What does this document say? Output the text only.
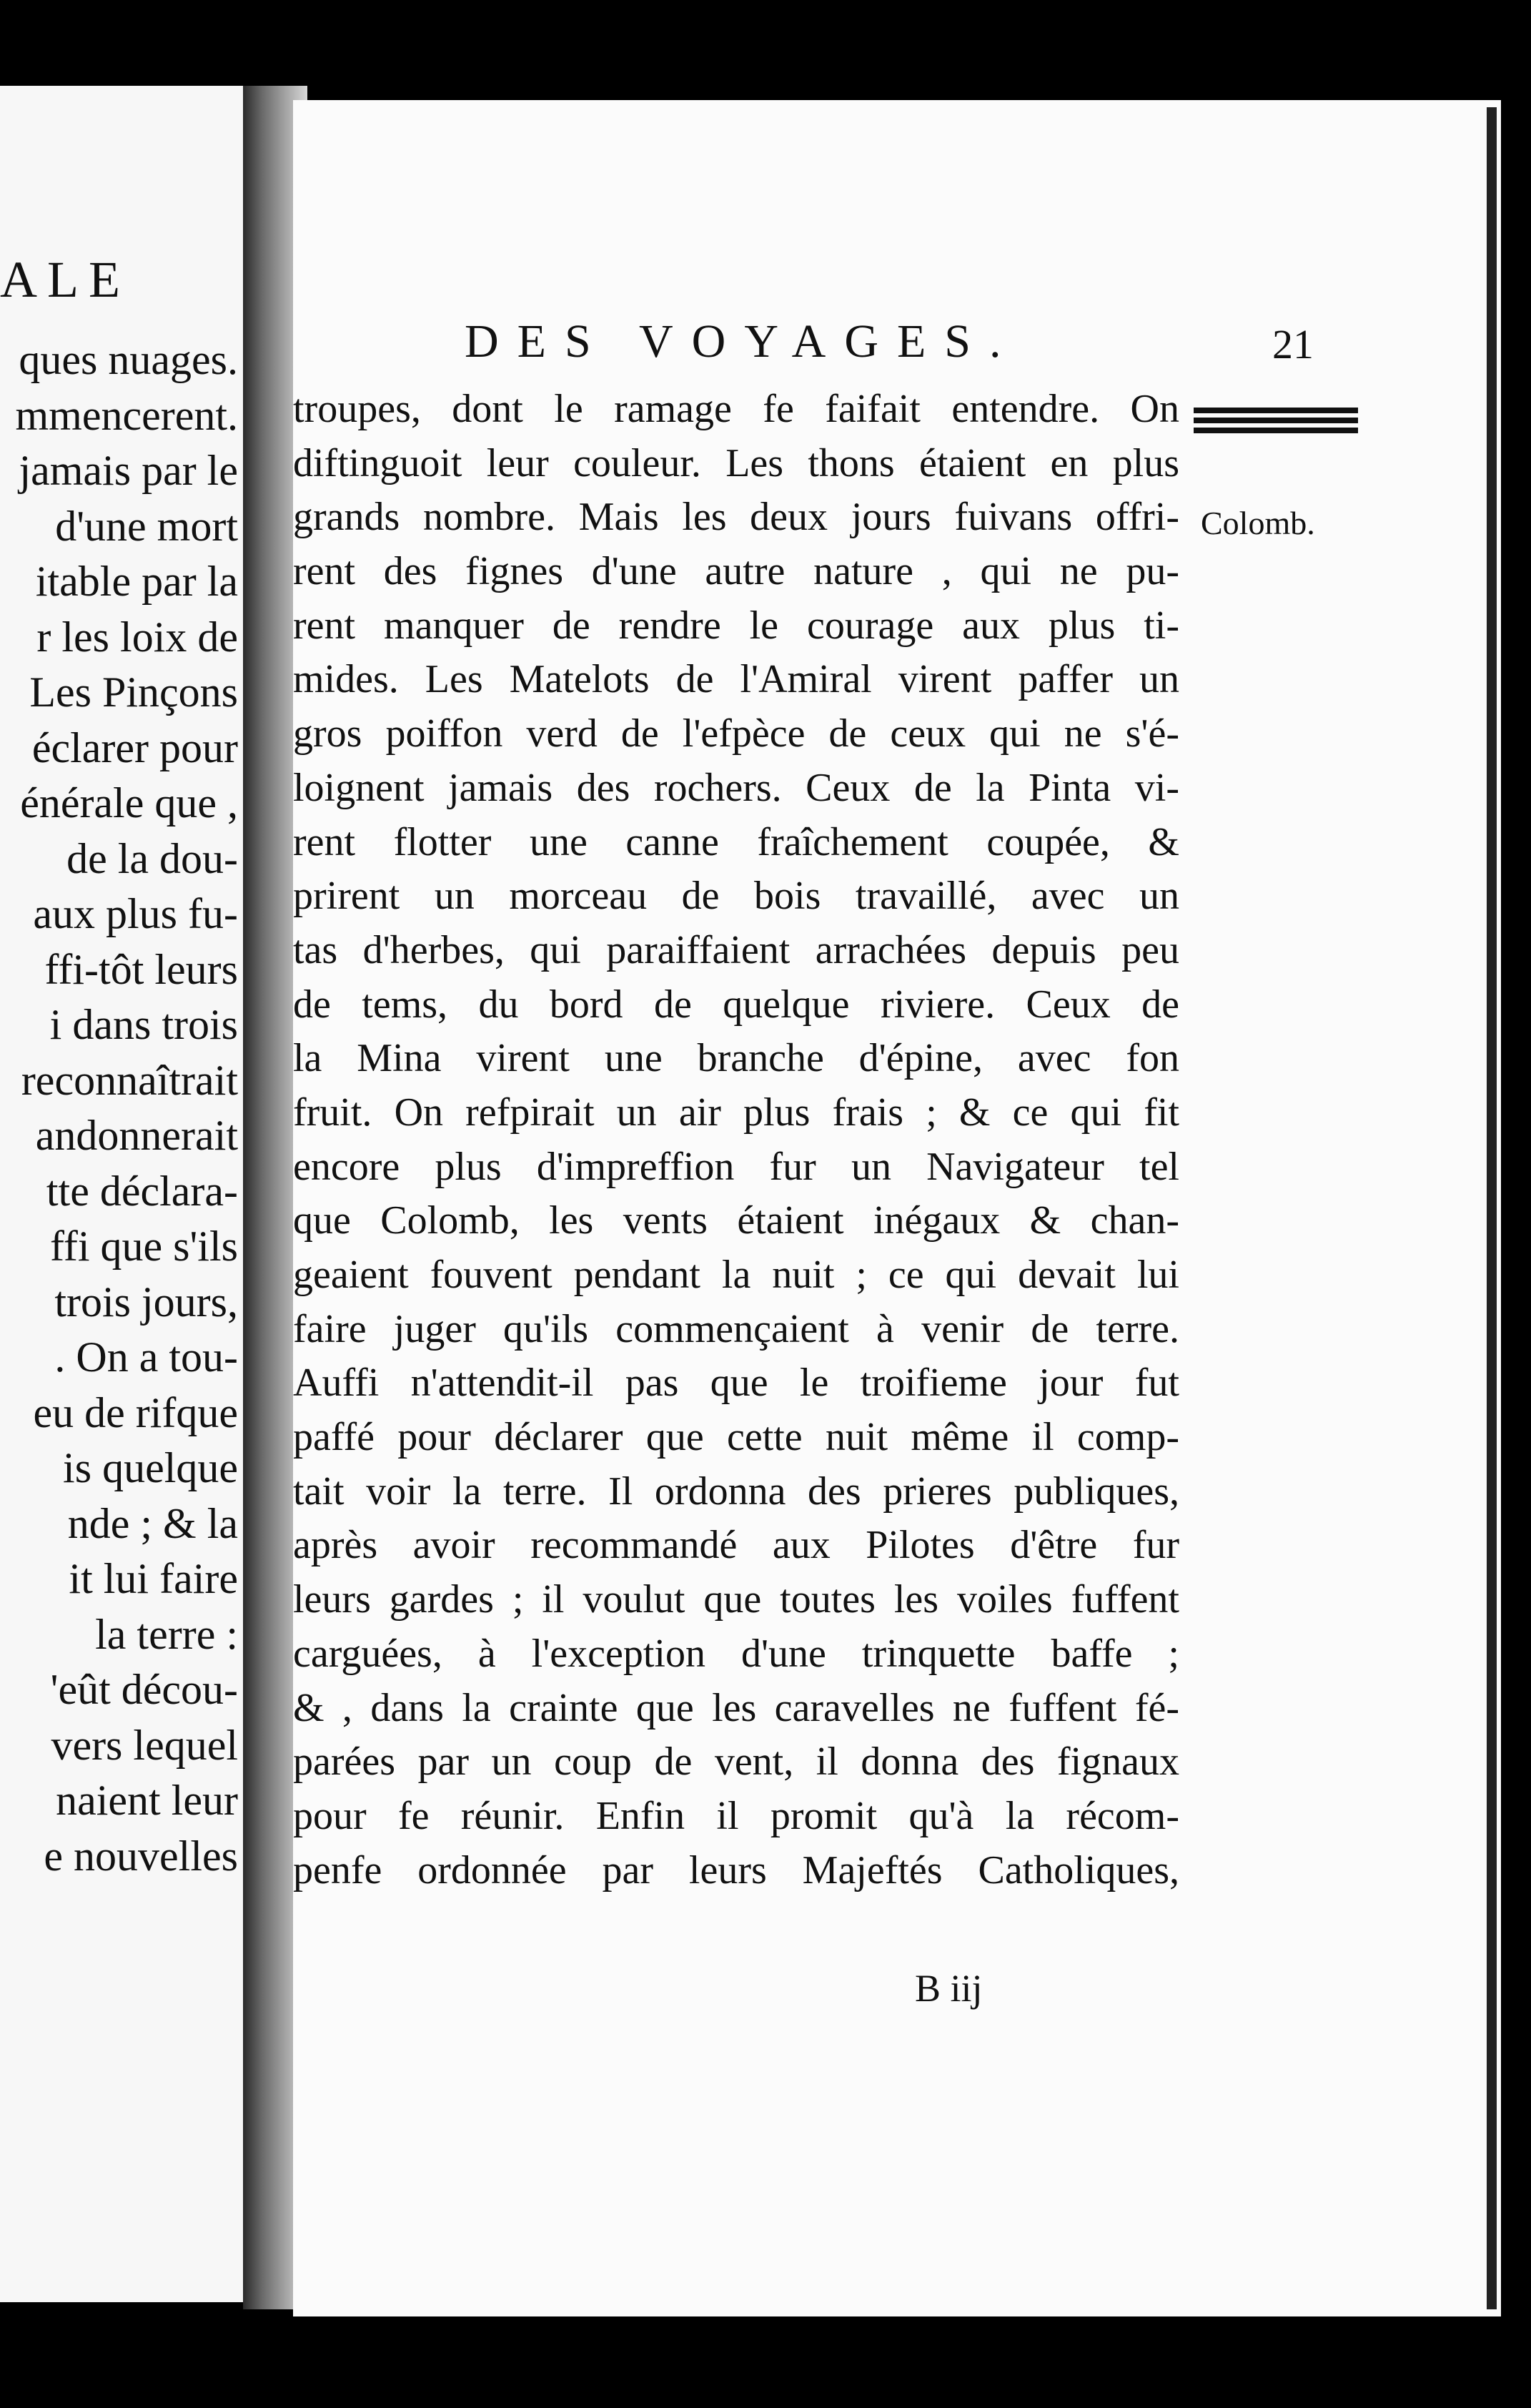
ALE
ques nuages.
mmencerent.
jamais par le
d'une mort
itable par la
r les loix de
Les Pinçons
éclarer pour
énérale que ,
de la dou-
aux plus fu-
ffi-tôt leurs
i dans trois
reconnaîtrait
andonnerait
tte déclara-
ffi que s'ils
trois jours,
. On a tou-
eu de rifque
is quelque
nde ; & la
it lui faire
la terre :
'eût décou-
vers lequel
naient leur
e nouvelles
DES VOYAGES.	21
Colomb.
troupes, dont le ramage fe faifait entendre. On
diftinguoit leur couleur. Les thons étaient en plus
grands nombre. Mais les deux jours fuivans offri-
rent des fignes d'une autre nature , qui ne pu-
rent manquer de rendre le courage aux plus ti-
mides. Les Matelots de l'Amiral virent paffer un
gros poiffon verd de l'efpèce de ceux qui ne s'é-
loignent jamais des rochers. Ceux de la Pinta vi-
rent flotter une canne fraîchement coupée, &
prirent un morceau de bois travaillé, avec un
tas d'herbes, qui paraiffaient arrachées depuis peu
de tems, du bord de quelque riviere. Ceux de
la Mina virent une branche d'épine, avec fon
fruit. On refpirait un air plus frais ; & ce qui fit
encore plus d'impreffion fur un Navigateur tel
que Colomb, les vents étaient inégaux & chan-
geaient fouvent pendant la nuit ; ce qui devait lui
faire juger qu'ils commençaient à venir de terre.
Auffi n'attendit-il pas que le troifieme jour fut
paffé pour déclarer que cette nuit même il comp-
tait voir la terre. Il ordonna des prieres publiques,
après avoir recommandé aux Pilotes d'être fur
leurs gardes ; il voulut que toutes les voiles fuffent
carguées, à l'exception d'une trinquette baffe ;
& , dans la crainte que les caravelles ne fuffent fé-
parées par un coup de vent, il donna des fignaux
pour fe réunir. Enfin il promit qu'à la récom-
penfe ordonnée par leurs Majeftés Catholiques,
B iij
